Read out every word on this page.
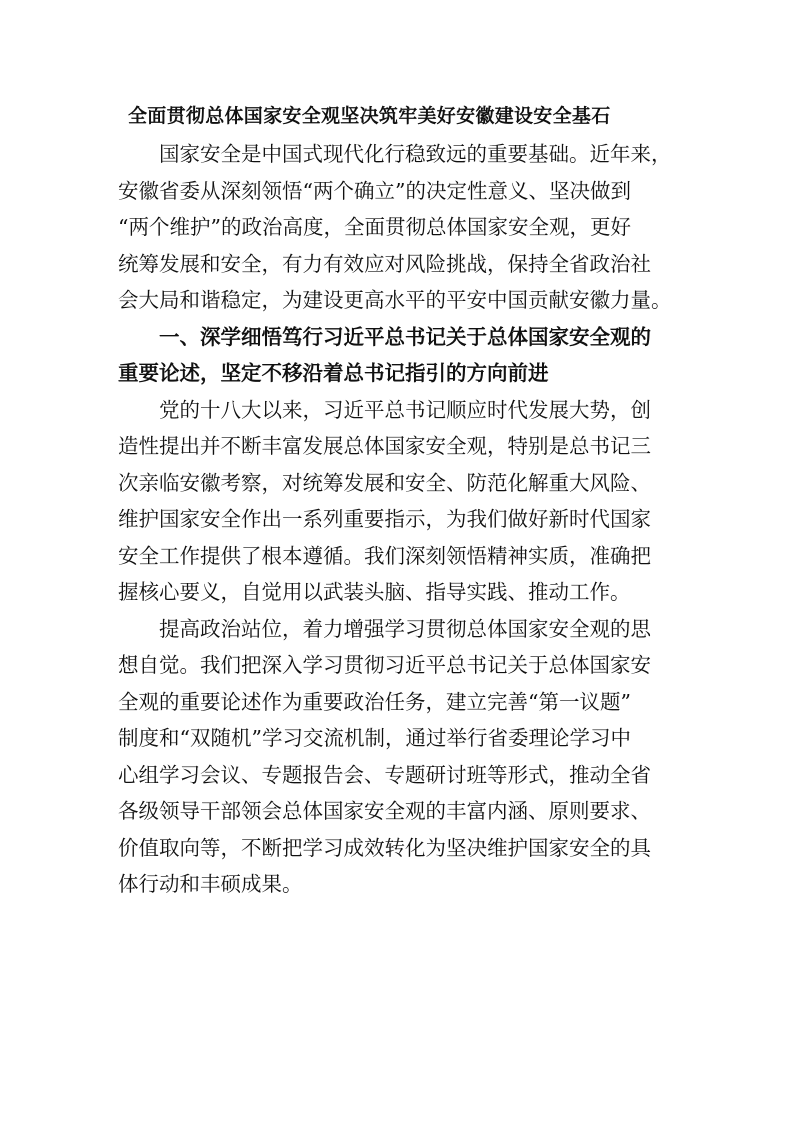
全面贯彻总体国家安全观坚决筑牢美好安徽建设安全基石

国家安全是中国式现代化行稳致远的重要基础。近年来，
安徽省委从深刻领悟“两个确立”的决定性意义、坚决做到
“两个维护”的政治高度，全面贯彻总体国家安全观，更好
统筹发展和安全，有力有效应对风险挑战，保持全省政治社
会大局和谐稳定，为建设更高水平的平安中国贡献安徽力量。

一、深学细悟笃行习近平总书记关于总体国家安全观的
重要论述，坚定不移沿着总书记指引的方向前进

党的十八大以来，习近平总书记顺应时代发展大势，创
造性提出并不断丰富发展总体国家安全观，特别是总书记三
次亲临安徽考察，对统筹发展和安全、防范化解重大风险、
维护国家安全作出一系列重要指示，为我们做好新时代国家
安全工作提供了根本遵循。我们深刻领悟精神实质，准确把
握核心要义，自觉用以武装头脑、指导实践、推动工作。

提高政治站位，着力增强学习贯彻总体国家安全观的思
想自觉。我们把深入学习贯彻习近平总书记关于总体国家安
全观的重要论述作为重要政治任务，建立完善“第一议题”
制度和“双随机”学习交流机制，通过举行省委理论学习中
心组学习会议、专题报告会、专题研讨班等形式，推动全省
各级领导干部领会总体国家安全观的丰富内涵、原则要求、
价值取向等，不断把学习成效转化为坚决维护国家安全的具
体行动和丰硕成果。
